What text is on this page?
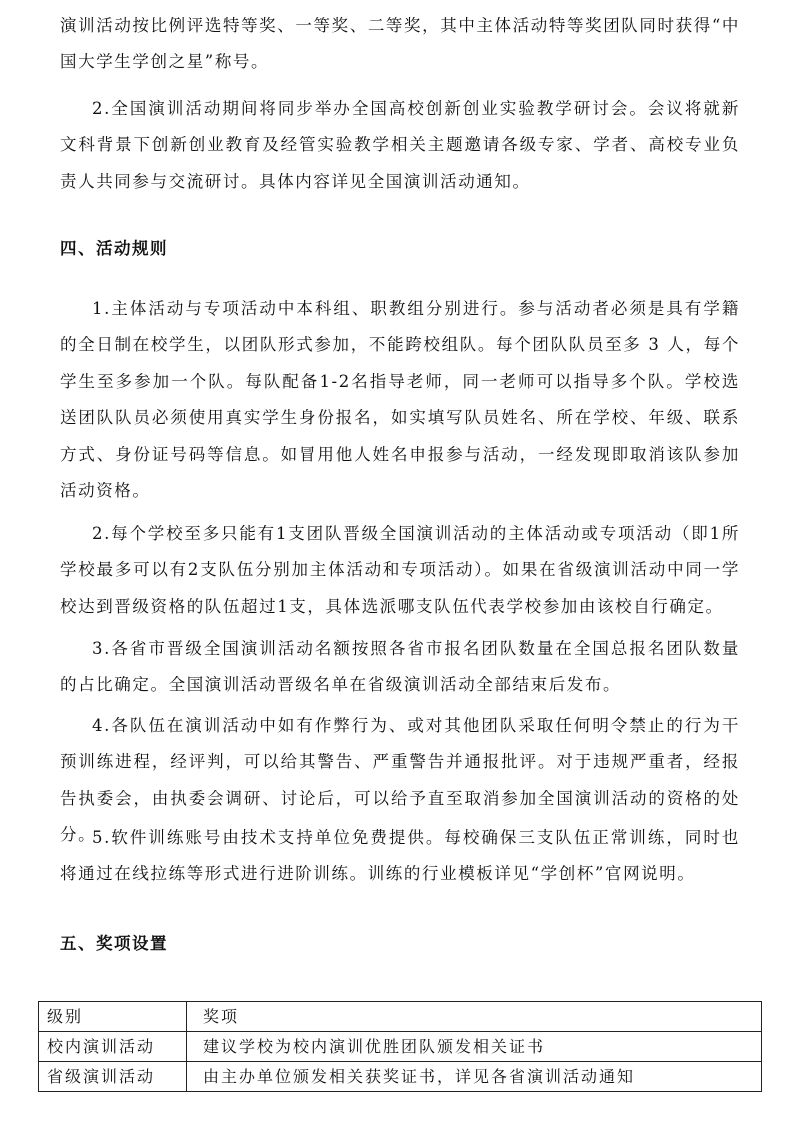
演训活动按比例评选特等奖、一等奖、二等奖，其中主体活动特等奖团队同时获得“中国大学生学创之星”称号。

2.全国演训活动期间将同步举办全国高校创新创业实验教学研讨会。会议将就新文科背景下创新创业教育及经管实验教学相关主题邀请各级专家、学者、高校专业负责人共同参与交流研讨。具体内容详见全国演训活动通知。

四、活动规则

1.主体活动与专项活动中本科组、职教组分别进行。参与活动者必须是具有学籍的全日制在校学生，以团队形式参加，不能跨校组队。每个团队队员至多 3 人，每个学生至多参加一个队。每队配备1-2名指导老师，同一老师可以指导多个队。学校选送团队队员必须使用真实学生身份报名，如实填写队员姓名、所在学校、年级、联系方式、身份证号码等信息。如冒用他人姓名申报参与活动，一经发现即取消该队参加活动资格。

2.每个学校至多只能有1支团队晋级全国演训活动的主体活动或专项活动（即1所学校最多可以有2支队伍分别加主体活动和专项活动）。如果在省级演训活动中同一学校达到晋级资格的队伍超过1支，具体选派哪支队伍代表学校参加由该校自行确定。

3.各省市晋级全国演训活动名额按照各省市报名团队数量在全国总报名团队数量的占比确定。全国演训活动晋级名单在省级演训活动全部结束后发布。

4.各队伍在演训活动中如有作弊行为、或对其他团队采取任何明令禁止的行为干预训练进程，经评判，可以给其警告、严重警告并通报批评。对于违规严重者，经报告执委会，由执委会调研、讨论后，可以给予直至取消参加全国演训活动的资格的处分。

5.软件训练账号由技术支持单位免费提供。每校确保三支队伍正常训练，同时也将通过在线拉练等形式进行进阶训练。训练的行业模板详见“学创杯”官网说明。

五、奖项设置
级别	奖项
校内演训活动	建议学校为校内演训优胜团队颁发相关证书
省级演训活动	由主办单位颁发相关获奖证书，详见各省演训活动通知
